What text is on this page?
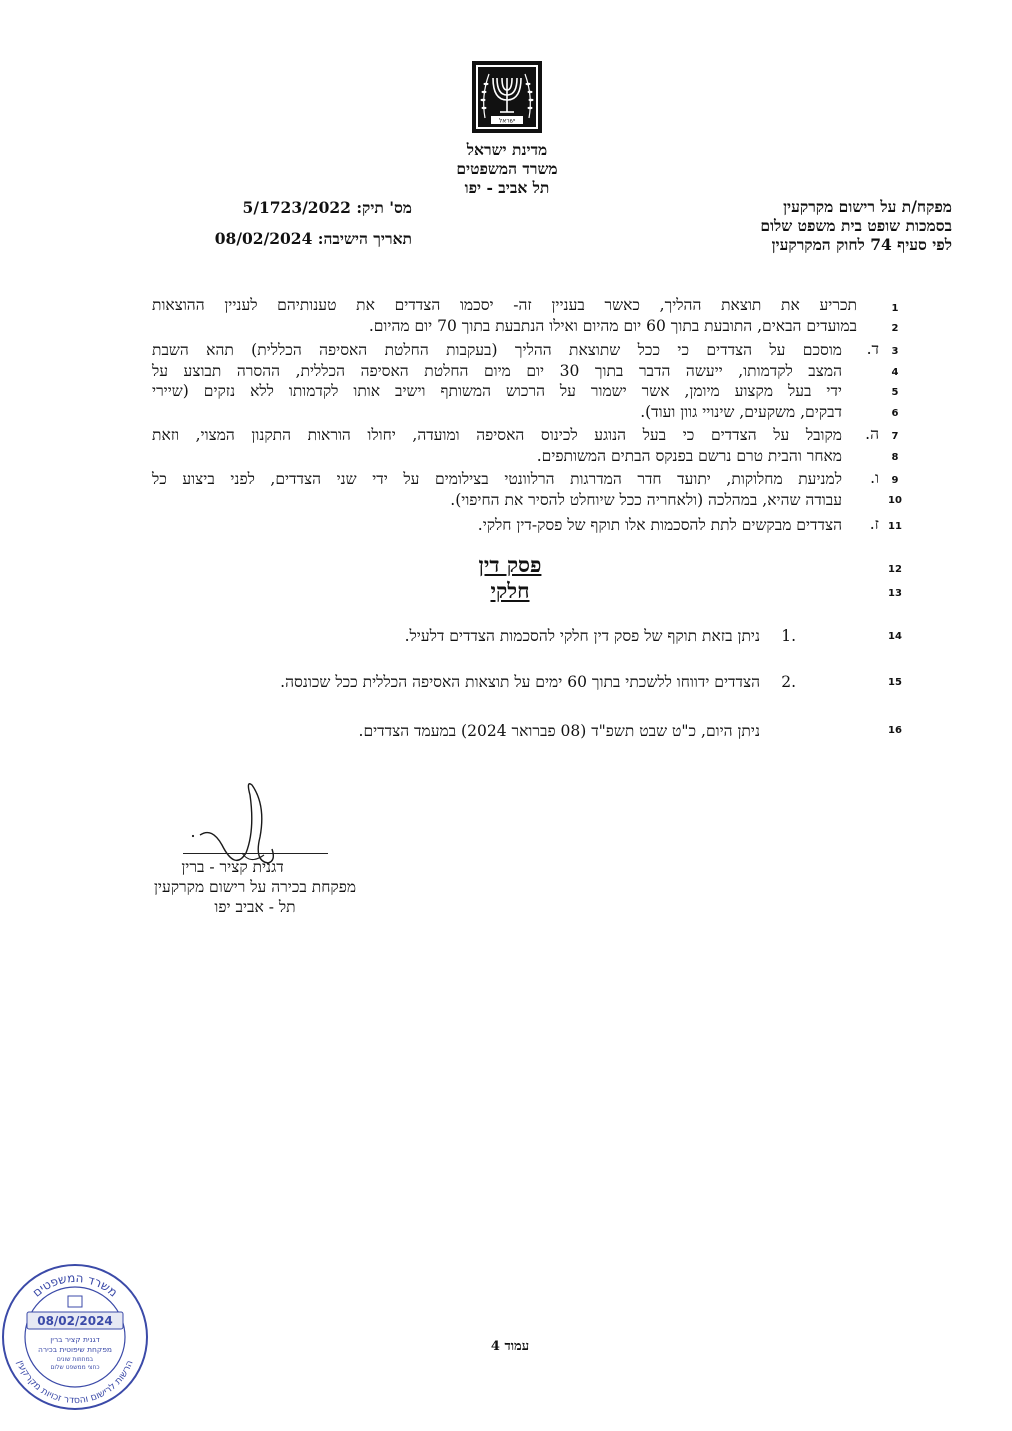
ישראל
מדינת ישראל
משרד המשפטים
תל אביב - יפו
מפקח/ת על רישום מקרקעין
בסמכות שופט בית משפט שלום
לפי סעיף 74 לחוק המקרקעין
מס' תיק: 5/1723/2022
תאריך הישיבה: 08/02/2024
1
2
3
4
5
6
7
8
9
10
11
12
13
14
15
16
תכריע את תוצאת ההליך, כאשר בעניין זה- יסכמו הצדדים את טענותיהם לעניין ההוצאות
במועדים הבאים, התובעת בתוך 60 יום מהיום ואילו הנתבעת בתוך 70 יום מהיום.
ד.
מוסכם על הצדדים כי ככל שתוצאת ההליך (בעקבות החלטת האסיפה הכללית) תהא השבת
המצב לקדמותו, ייעשה הדבר בתוך 30 יום מיום החלטת האסיפה הכללית, ההסרה תבוצע על
ידי בעל מקצוע מיומן, אשר ישמור על הרכוש המשותף וישיב אותו לקדמותו ללא נזקים (שיירי
דבקים, משקעים, שינויי גוון ועוד).
ה.
מקובל על הצדדים כי בעל הנוגע לכינוס האסיפה ומועדה, יחולו הוראות התקנון המצוי, וזאת
מאחר והבית טרם נרשם בפנקס הבתים המשותפים.
ו.
למניעת מחלוקות, יתועד חדר המדרגות הרלוונטי בצילומים על ידי שני הצדדים, לפני ביצוע כל
עבודה שהיא, במהלכה (ולאחריה ככל שיוחלט להסיר את החיפוי).
ז.
הצדדים מבקשים לתת להסכמות אלו תוקף של פסק-דין חלקי.
פסק דין
חלקי
.1
ניתן בזאת תוקף של פסק דין חלקי להסכמות הצדדים דלעיל.
.2
הצדדים ידווחו ללשכתי בתוך 60 ימים על תוצאות האסיפה הכללית ככל שכונסה.
ניתן היום, כ"ט שבט תשפ"ד (08 פברואר 2024) במעמד הצדדים.
דגנית קציר - ברין
מפקחת בכירה על רישום מקרקעין
תל - אביב יפו
משרד המשפטים
הרשות לרישום והסדר זכויות מקרקעין
08/02/2024
דגנית קציר ברין
מפקחת שיפוטית בכירה
במחוזות שונים
כחצי ממשפט שלום
עמוד 4
